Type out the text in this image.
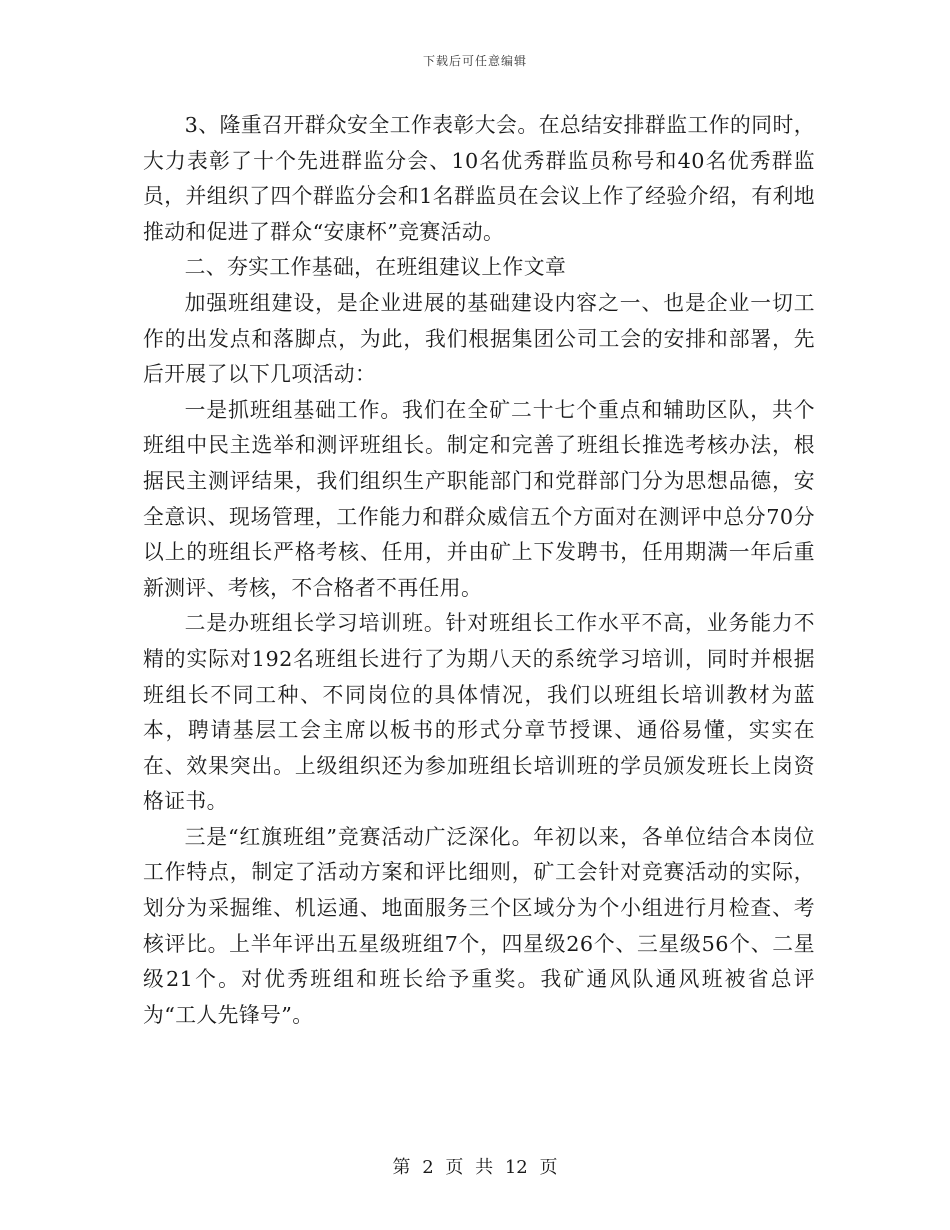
下载后可任意编辑

3、隆重召开群众安全工作表彰大会。在总结安排群监工作的同时，大力表彰了十个先进群监分会、10名优秀群监员称号和40名优秀群监员，并组织了四个群监分会和1名群监员在会议上作了经验介绍，有利地推动和促进了群众“安康杯”竞赛活动。

二、夯实工作基础，在班组建议上作文章

加强班组建设，是企业进展的基础建设内容之一、也是企业一切工作的出发点和落脚点，为此，我们根据集团公司工会的安排和部署，先后开展了以下几项活动：

一是抓班组基础工作。我们在全矿二十七个重点和辅助区队，共个班组中民主选举和测评班组长。制定和完善了班组长推选考核办法，根据民主测评结果，我们组织生产职能部门和党群部门分为思想品德，安全意识、现场管理，工作能力和群众威信五个方面对在测评中总分70分以上的班组长严格考核、任用，并由矿上下发聘书，任用期满一年后重新测评、考核，不合格者不再任用。

二是办班组长学习培训班。针对班组长工作水平不高，业务能力不精的实际对192名班组长进行了为期八天的系统学习培训，同时并根据班组长不同工种、不同岗位的具体情况，我们以班组长培训教材为蓝本，聘请基层工会主席以板书的形式分章节授课、通俗易懂，实实在在、效果突出。上级组织还为参加班组长培训班的学员颁发班长上岗资格证书。

三是“红旗班组”竞赛活动广泛深化。年初以来，各单位结合本岗位工作特点，制定了活动方案和评比细则，矿工会针对竞赛活动的实际，划分为采掘维、机运通、地面服务三个区域分为个小组进行月检查、考核评比。上半年评出五星级班组7个，四星级26个、三星级56个、二星级21个。对优秀班组和班长给予重奖。我矿通风队通风班被省总评为“工人先锋号”。

第 2 页 共 12 页
